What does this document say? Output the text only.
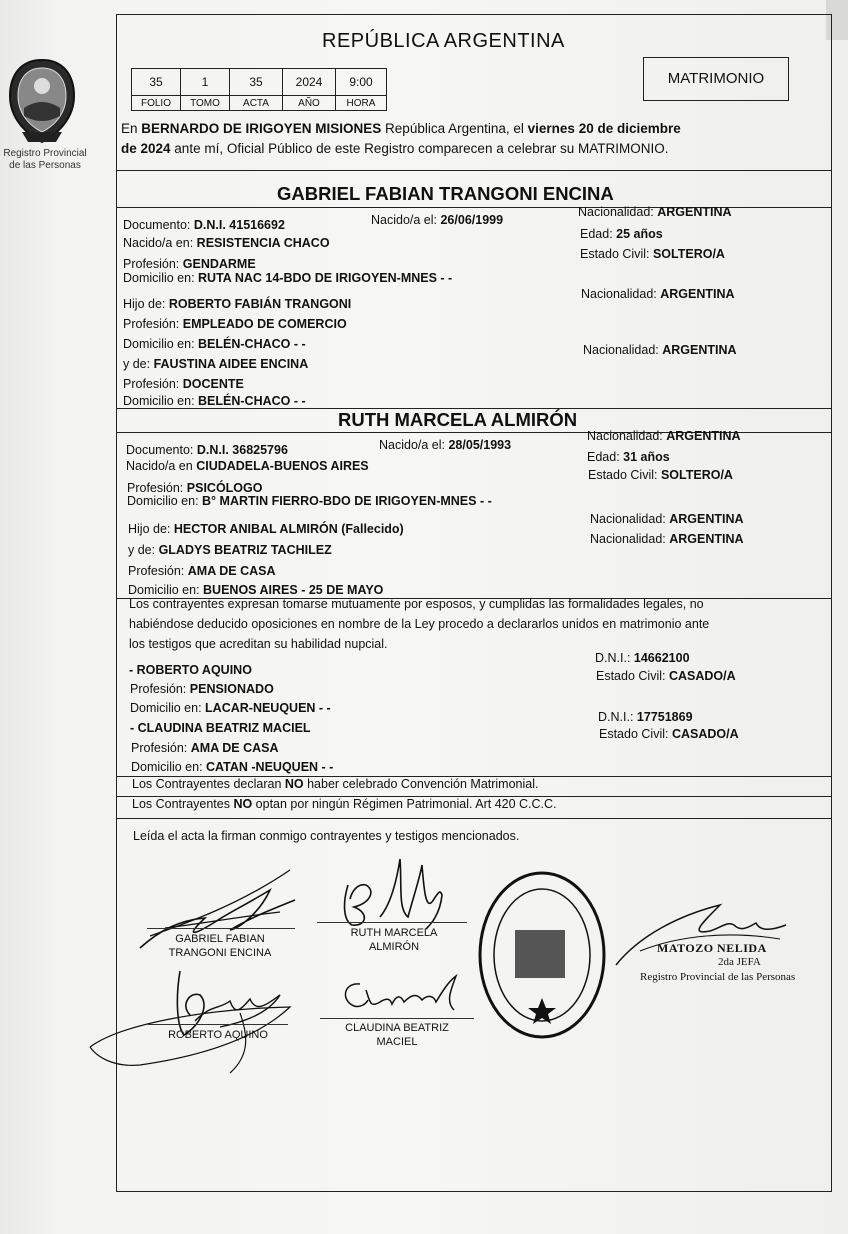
Registro Provincial de las Personas
REPÚBLICA ARGENTINA
35	1	35	2024	9:00
FOLIO	TOMO	ACTA	AÑO	HORA
MATRIMONIO
En BERNARDO DE IRIGOYEN MISIONES República Argentina, el viernes 20 de diciembre
de 2024 ante mí, Oficial Público de este Registro comparecen a celebrar su MATRIMONIO.
GABRIEL FABIAN TRANGONI ENCINA
Documento: D.N.I. 41516692	Nacido/a el: 26/06/1999
Nacionalidad: ARGENTINA
Nacido/a en: RESISTENCIA CHACO
Edad: 25 años
Profesión: GENDARME
Estado Civil: SOLTERO/A
Domicilio en: RUTA NAC 14-BDO DE IRIGOYEN-MNES - -
Hijo de: ROBERTO FABIÁN TRANGONI
Nacionalidad: ARGENTINA
Profesión: EMPLEADO DE COMERCIO
Domicilio en: BELÉN-CHACO - -
y de: FAUSTINA AIDEE ENCINA
Nacionalidad: ARGENTINA
Profesión: DOCENTE
Domicilio en: BELÉN-CHACO - -
RUTH MARCELA ALMIRÓN
Documento: D.N.I. 36825796	Nacido/a el: 28/05/1993
Nacionalidad: ARGENTINA
Nacido/a en CIUDADELA-BUENOS AIRES
Edad: 31 años
Profesión: PSICÓLOGO
Estado Civil: SOLTERO/A
Domicilio en: B° MARTIN FIERRO-BDO DE IRIGOYEN-MNES - -
Hijo de: HECTOR ANIBAL ALMIRÓN (Fallecido)
Nacionalidad: ARGENTINA
y de: GLADYS BEATRIZ TACHILEZ
Nacionalidad: ARGENTINA
Profesión: AMA DE CASA
Domicilio en: BUENOS AIRES - 25 DE MAYO
Los contrayentes expresan tomarse mutuamente por esposos, y cumplidas las formalidades legales, no
habiéndose deducido oposiciones en nombre de la Ley procedo a declararlos unidos en matrimonio ante
los testigos que acreditan su habilidad nupcial.
- ROBERTO AQUINO
D.N.I.: 14662100
Profesión: PENSIONADO
Estado Civil: CASADO/A
Domicilio en: LACAR-NEUQUEN - -
- CLAUDINA BEATRIZ MACIEL
D.N.I.: 17751869
Profesión: AMA DE CASA
Estado Civil: CASADO/A
Domicilio en: CATAN -NEUQUEN - -
Los Contrayentes declaran NO haber celebrado Convención Matrimonial.
Los Contrayentes NO optan por ningún Régimen Patrimonial. Art 420 C.C.C.
Leída el acta la firman conmigo contrayentes y testigos mencionados.
GABRIEL FABIAN
TRANGONI ENCINA
RUTH MARCELA
ALMIRÓN
ROBERTO AQUINO
CLAUDINA BEATRIZ
MACIEL
MATOZO NELIDA
2da JEFA
Registro Provincial de las Personas
